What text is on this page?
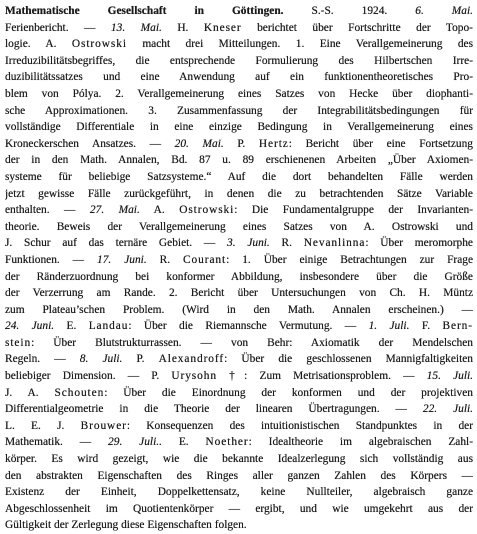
Mathematische Gesellschaft in Göttingen. S.-S. 1924. 6. Mai.
Ferienbericht. — 13. Mai. H. Kneser berichtet über Fortschritte der Topo-
logie. A. Ostrowski macht drei Mitteilungen. 1. Eine Verallgemeinerung des
Irreduzibilitätsbegriffes, die entsprechende Formulierung des Hilbertschen Irre-
duzibilitätssatzes und eine Anwendung auf ein funktionentheoretisches Pro-
blem von Pólya. 2. Verallgemeinerung eines Satzes von Hecke über diophanti-
sche Approximationen. 3. Zusammenfassung der Integrabilitätsbedingungen für
vollständige Differentiale in eine einzige Bedingung in Verallgemeinerung eines
Kroneckerschen Ansatzes. — 20. Mai. P. Hertz: Bericht über eine Fortsetzung
der in den Math. Annalen, Bd. 87 u. 89 erschienenen Arbeiten „Über Axiomen-
systeme für beliebige Satzsysteme.“ Auf die dort behandelten Fälle werden
jetzt gewisse Fälle zurückgeführt, in denen die zu betrachtenden Sätze Variable
enthalten. — 27. Mai. A. Ostrowski: Die Fundamentalgruppe der Invarianten-
theorie. Beweis der Verallgemeinerung eines Satzes von A. Ostrowski und
J. Schur auf das ternäre Gebiet. — 3. Juni. R. Nevanlinna: Über meromorphe
Funktionen. — 17. Juni. R. Courant: 1. Über einige Betrachtungen zur Frage
der Ränderzuordnung bei konformer Abbildung, insbesondere über die Größe
der Verzerrung am Rande. 2. Bericht über Untersuchungen von Ch. H. Müntz
zum Plateau’schen Problem. (Wird in den Math. Annalen erscheinen.) —
24. Juni. E. Landau: Über die Riemannsche Vermutung. — 1. Juli. F. Bern-
stein: Über Blutstrukturrassen. — von Behr: Axiomatik der Mendelschen
Regeln. — 8. Juli. P. Alexandroff: Über die geschlossenen Mannigfaltigkeiten
beliebiger Dimension. — P. Urysohn †: Zum Metrisationsproblem. — 15. Juli.
J. A. Schouten: Über die Einordnung der konformen und der projektiven
Differentialgeometrie in die Theorie der linearen Übertragungen. — 22. Juli.
L. E. J. Brouwer: Konsequenzen des intuitionistischen Standpunktes in der
Mathematik. — 29. Juli.. E. Noether: Idealtheorie im algebraischen Zahl-
körper. Es wird gezeigt, wie die bekannte Idealzerlegung sich vollständig aus
den abstrakten Eigenschaften des Ringes aller ganzen Zahlen des Körpers —
Existenz der Einheit, Doppelkettensatz, keine Nullteiler, algebraisch ganze
Abgeschlossenheit im Quotientenkörper — ergibt, und wie umgekehrt aus der
Gültigkeit der Zerlegung diese Eigenschaften folgen.
